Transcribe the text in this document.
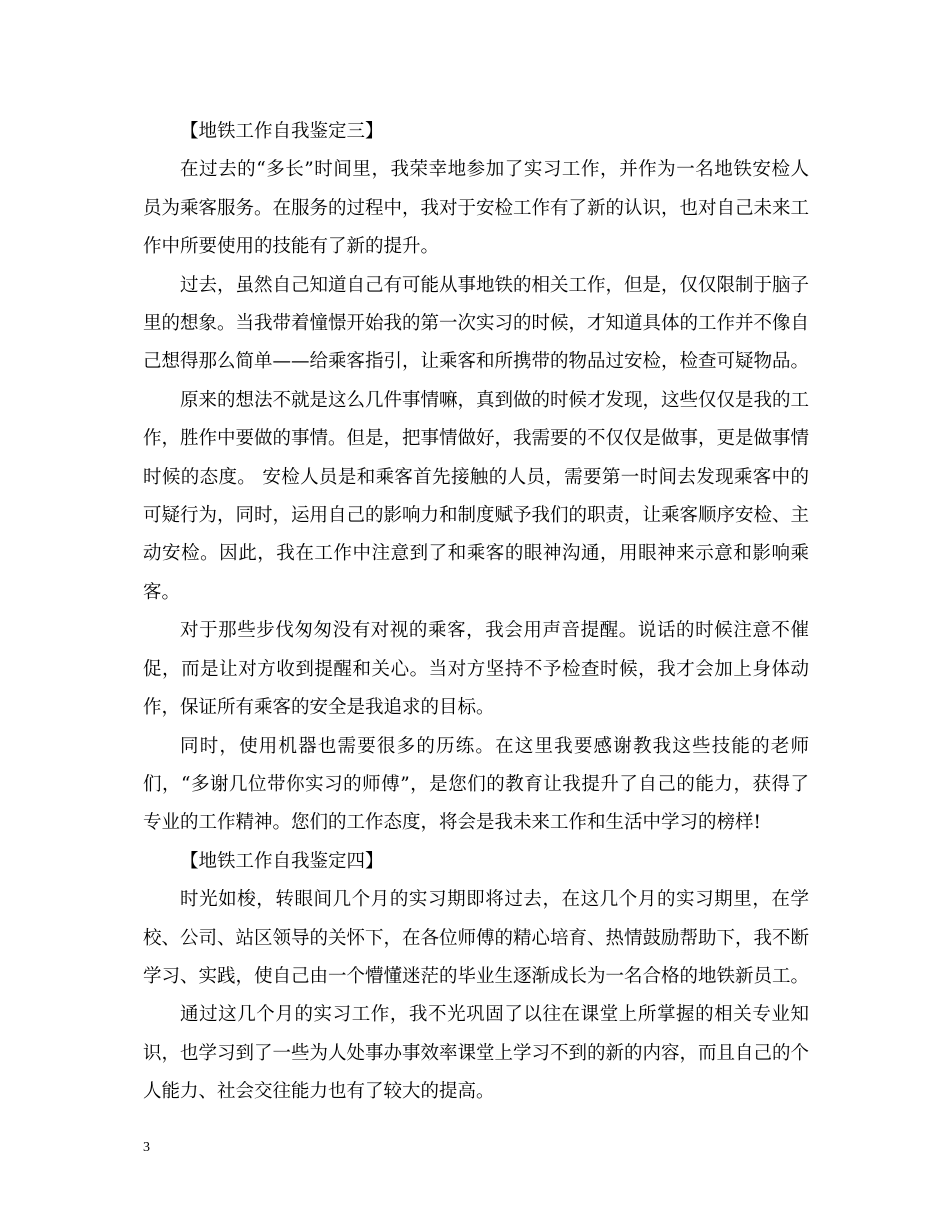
【地铁工作自我鉴定三】

在过去的“多长”时间里，我荣幸地参加了实习工作，并作为一名地铁安检人员为乘客服务。在服务的过程中，我对于安检工作有了新的认识，也对自己未来工作中所要使用的技能有了新的提升。

过去，虽然自己知道自己有可能从事地铁的相关工作，但是，仅仅限制于脑子里的想象。当我带着憧憬开始我的第一次实习的时候，才知道具体的工作并不像自己想得那么简单——给乘客指引，让乘客和所携带的物品过安检，检查可疑物品。

原来的想法不就是这么几件事情嘛，真到做的时候才发现，这些仅仅是我的工作，胜作中要做的事情。但是，把事情做好，我需要的不仅仅是做事，更是做事情时候的态度。 安检人员是和乘客首先接触的人员，需要第一时间去发现乘客中的可疑行为，同时，运用自己的影响力和制度赋予我们的职责，让乘客顺序安检、主动安检。因此，我在工作中注意到了和乘客的眼神沟通，用眼神来示意和影响乘客。

对于那些步伐匆匆没有对视的乘客，我会用声音提醒。说话的时候注意不催促，而是让对方收到提醒和关心。当对方坚持不予检查时候，我才会加上身体动作，保证所有乘客的安全是我追求的目标。

同时，使用机器也需要很多的历练。在这里我要感谢教我这些技能的老师们，“多谢几位带你实习的师傅”，是您们的教育让我提升了自己的能力，获得了专业的工作精神。您们的工作态度，将会是我未来工作和生活中学习的榜样!

【地铁工作自我鉴定四】

时光如梭，转眼间几个月的实习期即将过去，在这几个月的实习期里，在学校、公司、站区领导的关怀下，在各位师傅的精心培育、热情鼓励帮助下，我不断学习、实践，使自己由一个懵懂迷茫的毕业生逐渐成长为一名合格的地铁新员工。

通过这几个月的实习工作，我不光巩固了以往在课堂上所掌握的相关专业知识，也学习到了一些为人处事办事效率课堂上学习不到的新的内容，而且自己的个人能力、社会交往能力也有了较大的提高。

3
